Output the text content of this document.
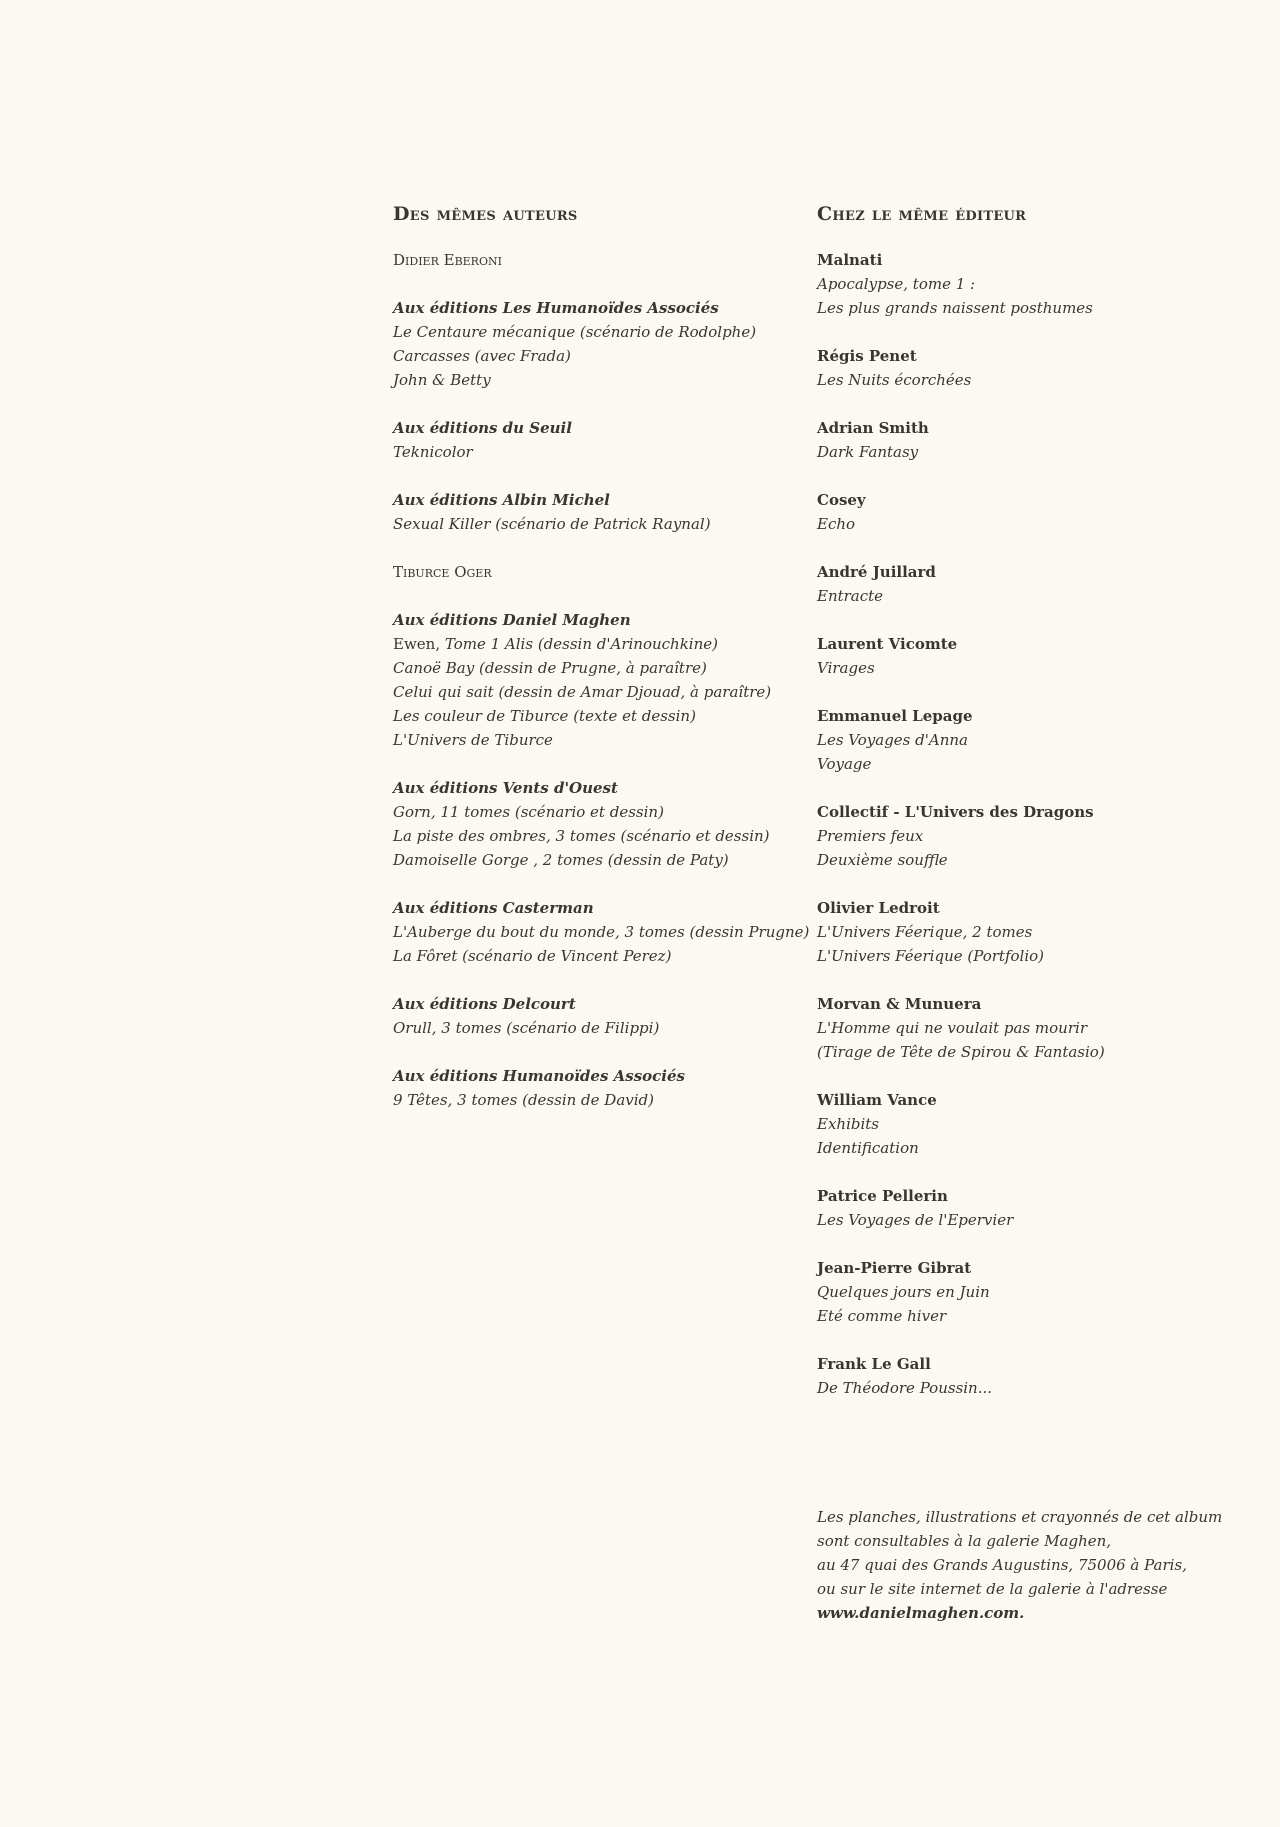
Des mêmes auteurs
Didier Eberoni
Aux éditions Les Humanoïdes Associés
Le Centaure mécanique (scénario de Rodolphe)
Carcasses (avec Frada)
John & Betty
Aux éditions du Seuil
Teknicolor
Aux éditions Albin Michel
Sexual Killer (scénario de Patrick Raynal)
Tiburce Oger
Aux éditions Daniel Maghen
Ewen, Tome 1 Alis (dessin d'Arinouchkine)
Canoë Bay (dessin de Prugne, à paraître)
Celui qui sait (dessin de Amar Djouad, à paraître)
Les couleur de Tiburce (texte et dessin)
L'Univers de Tiburce
Aux éditions Vents d'Ouest
Gorn, 11 tomes (scénario et dessin)
La piste des ombres, 3 tomes (scénario et dessin)
Damoiselle Gorge , 2 tomes (dessin de Paty)
Aux éditions Casterman
L'Auberge du bout du monde, 3 tomes (dessin Prugne)
La Fôret (scénario de Vincent Perez)
Aux éditions Delcourt
Orull, 3 tomes (scénario de Filippi)
Aux éditions Humanoïdes Associés
9 Têtes, 3 tomes (dessin de David)
Chez le même éditeur
Malnati
Apocalypse, tome 1 :
Les plus grands naissent posthumes
Régis Penet
Les Nuits écorchées
Adrian Smith
Dark Fantasy
Cosey
Echo
André Juillard
Entracte
Laurent Vicomte
Virages
Emmanuel Lepage
Les Voyages d'Anna
Voyage
Collectif - L'Univers des Dragons
Premiers feux
Deuxième souffle
Olivier Ledroit
L'Univers Féerique, 2 tomes
L'Univers Féerique (Portfolio)
Morvan & Munuera
L'Homme qui ne voulait pas mourir
(Tirage de Tête de Spirou & Fantasio)
William Vance
Exhibits
Identification
Patrice Pellerin
Les Voyages de l'Epervier
Jean-Pierre Gibrat
Quelques jours en Juin
Eté comme hiver
Frank Le Gall
De Théodore Poussin...
Les planches, illustrations et crayonnés de cet album
sont consultables à la galerie Maghen,
au 47 quai des Grands Augustins, 75006 à Paris,
ou sur le site internet de la galerie à l'adresse
www.danielmaghen.com.
